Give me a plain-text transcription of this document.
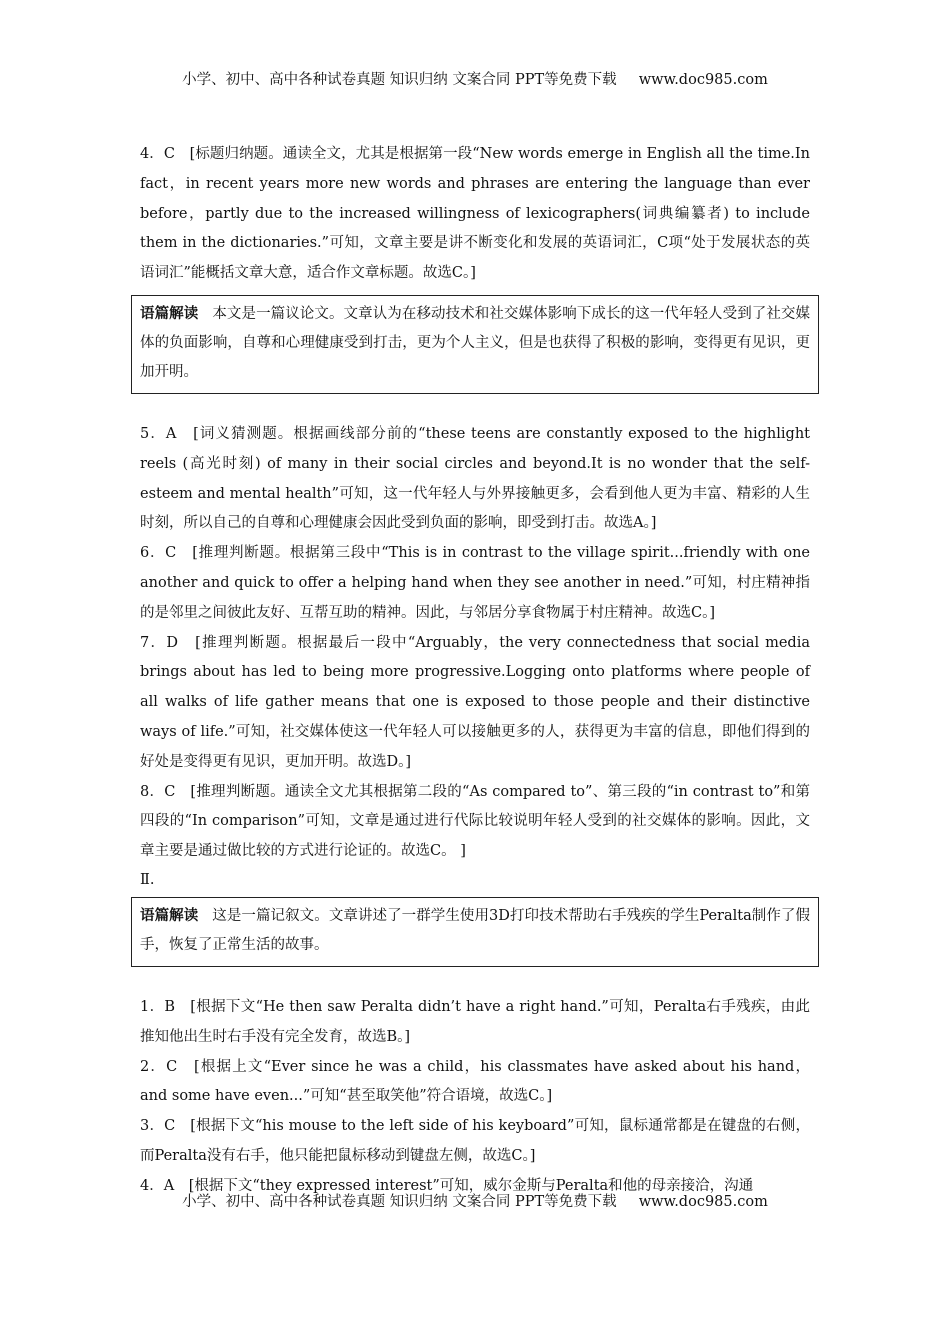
小学、初中、高中各种试卷真题 知识归纳 文案合同 PPT等免费下载 www.doc985.com

4．C　[标题归纳题。通读全文，尤其是根据第一段“New words emerge in English all the time.In fact，in recent years more new words and phrases are entering the language than ever before，partly due to the increased willingness of lexicographers(词典编纂者) to include them in the dictionaries.”可知，文章主要是讲不断变化和发展的英语词汇，C项“处于发展状态的英语词汇”能概括文章大意，适合作文章标题。故选C。]

语篇解读 本文是一篇议论文。文章认为在移动技术和社交媒体影响下成长的这一代年轻人受到了社交媒体的负面影响，自尊和心理健康受到打击，更为个人主义，但是也获得了积极的影响，变得更有见识，更加开明。

5．A　[词义猜测题。根据画线部分前的“these teens are constantly exposed to the highlight reels (高光时刻) of many in their social circles and beyond.It is no wonder that the self-esteem and mental health”可知，这一代年轻人与外界接触更多，会看到他人更为丰富、精彩的人生时刻，所以自己的自尊和心理健康会因此受到负面的影响，即受到打击。故选A。]

6．C　[推理判断题。根据第三段中“This is in contrast to the village spirit...friendly with one another and quick to offer a helping hand when they see another in need.”可知，村庄精神指的是邻里之间彼此友好、互帮互助的精神。因此，与邻居分享食物属于村庄精神。故选C。]

7．D　[推理判断题。根据最后一段中“Arguably，the very connectedness that social media brings about has led to being more progressive.Logging onto platforms where people of all walks of life gather means that one is exposed to those people and their distinctive ways of life.”可知，社交媒体使这一代年轻人可以接触更多的人，获得更为丰富的信息，即他们得到的好处是变得更有见识，更加开明。故选D。]

8．C　[推理判断题。通读全文尤其根据第二段的“As compared to”、第三段的“in contrast to”和第四段的“In comparison”可知，文章是通过进行代际比较说明年轻人受到的社交媒体的影响。因此，文章主要是通过做比较的方式进行论证的。故选C。 ]

Ⅱ.

语篇解读 这是一篇记叙文。文章讲述了一群学生使用3D打印技术帮助右手残疾的学生Peralta制作了假手，恢复了正常生活的故事。

1．B　[根据下文“He then saw Peralta didn’t have a right hand.”可知，Peralta右手残疾，由此推知他出生时右手没有完全发育，故选B。]

2．C　[根据上文“Ever since he was a child，his classmates have asked about his hand，and some have even...”可知“甚至取笑他”符合语境，故选C。]

3．C　[根据下文“his mouse to the left side of his keyboard”可知，鼠标通常都是在键盘的右侧，而Peralta没有右手，他只能把鼠标移动到键盘左侧，故选C。]

4．A　[根据下文“they expressed interest”可知，威尔金斯与Peralta和他的母亲接洽，沟通

小学、初中、高中各种试卷真题 知识归纳 文案合同 PPT等免费下载 www.doc985.com
